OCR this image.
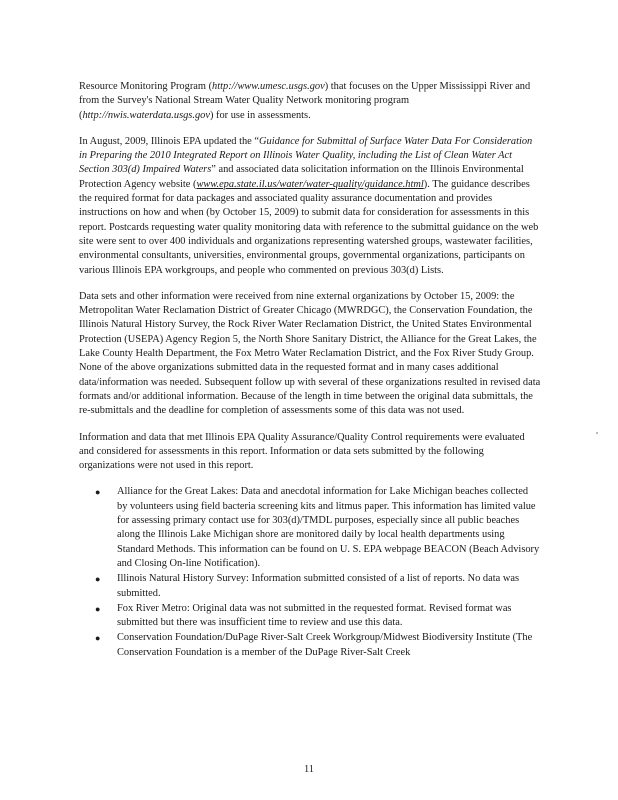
Resource Monitoring Program (http://www.umesc.usgs.gov) that focuses on the Upper Mississippi River and from the Survey's National Stream Water Quality Network monitoring program (http://nwis.waterdata.usgs.gov) for use in assessments.

In August, 2009, Illinois EPA updated the “Guidance for Submittal of Surface Water Data For Consideration in Preparing the 2010 Integrated Report on Illinois Water Quality, including the List of Clean Water Act Section 303(d) Impaired Waters” and associated data solicitation information on the Illinois Environmental Protection Agency website (www.epa.state.il.us/water/water-quality/guidance.html). The guidance describes the required format for data packages and associated quality assurance documentation and provides instructions on how and when (by October 15, 2009) to submit data for consideration for assessments in this report. Postcards requesting water quality monitoring data with reference to the submittal guidance on the web site were sent to over 400 individuals and organizations representing watershed groups, wastewater facilities, environmental consultants, universities, environmental groups, governmental organizations, participants on various Illinois EPA workgroups, and people who commented on previous 303(d) Lists.

Data sets and other information were received from nine external organizations by October 15, 2009: the Metropolitan Water Reclamation District of Greater Chicago (MWRDGC), the Conservation Foundation, the Illinois Natural History Survey, the Rock River Water Reclamation District, the United States Environmental Protection (USEPA) Agency Region 5, the North Shore Sanitary District, the Alliance for the Great Lakes, the Lake County Health Department, the Fox Metro Water Reclamation District, and the Fox River Study Group. None of the above organizations submitted data in the requested format and in many cases additional data/information was needed. Subsequent follow up with several of these organizations resulted in revised data formats and/or additional information. Because of the length in time between the original data submittals, the re-submittals and the deadline for completion of assessments some of this data was not used.

Information and data that met Illinois EPA Quality Assurance/Quality Control requirements were evaluated and considered for assessments in this report. Information or data sets submitted by the following organizations were not used in this report.

● Alliance for the Great Lakes: Data and anecdotal information for Lake Michigan beaches collected by volunteers using field bacteria screening kits and litmus paper. This information has limited value for assessing primary contact use for 303(d)/TMDL purposes, especially since all public beaches along the Illinois Lake Michigan shore are monitored daily by local health departments using Standard Methods. This information can be found on U. S. EPA webpage BEACON (Beach Advisory and Closing On-line Notification).
● Illinois Natural History Survey: Information submitted consisted of a list of reports. No data was submitted.
● Fox River Metro: Original data was not submitted in the requested format. Revised format was submitted but there was insufficient time to review and use this data.
● Conservation Foundation/DuPage River-Salt Creek Workgroup/Midwest Biodiversity Institute (The Conservation Foundation is a member of the DuPage River-Salt Creek
11
